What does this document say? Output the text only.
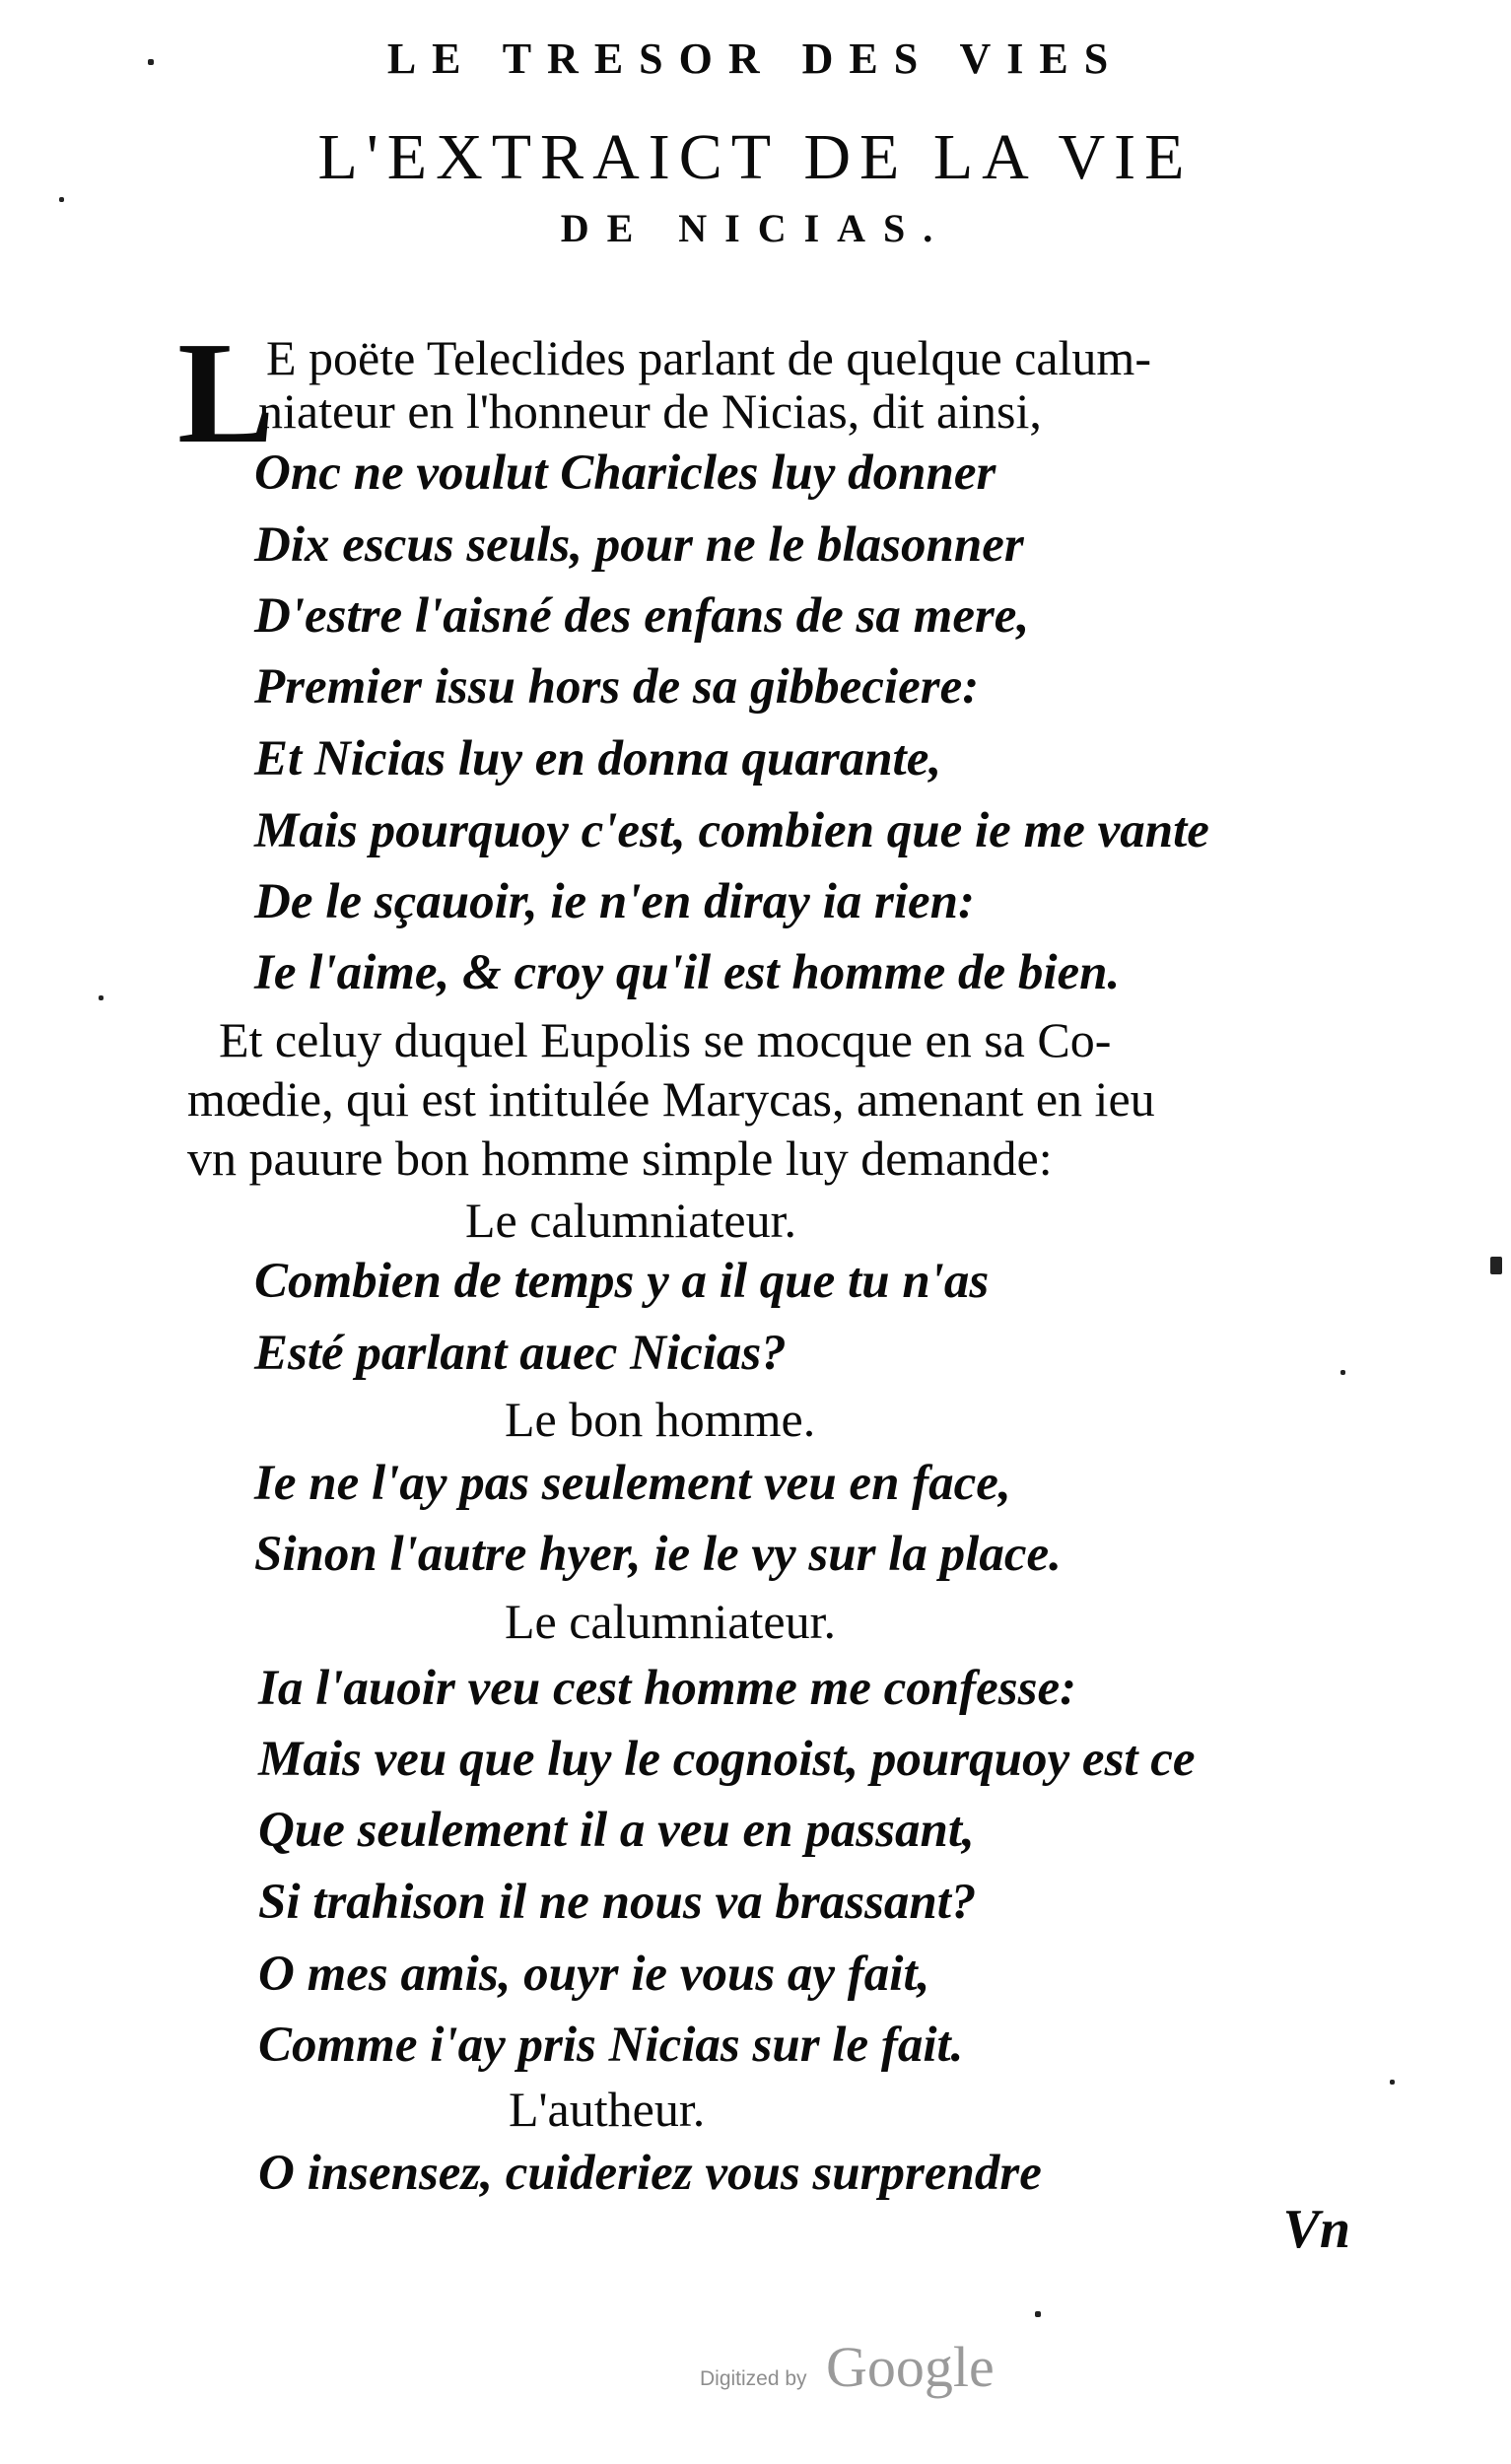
LE TRESOR DES VIES
L'EXTRAICT DE LA VIE
DE NICIAS.
L
E poëte Teleclides parlant de quelque calum-
niateur en l'honneur de Nicias, dit ainsi,
Onc ne voulut Charicles luy donner
Dix escus seuls, pour ne le blasonner
D'estre l'aisné des enfans de sa mere,
Premier issu hors de sa gibbeciere:
Et Nicias luy en donna quarante,
Mais pourquoy c'est, combien que ie me vante
De le sçauoir, ie n'en diray ia rien:
Ie l'aime, & croy qu'il est homme de bien.
Et celuy duquel Eupolis se mocque en sa Co-
mœdie, qui est intitulée Marycas, amenant en ieu
vn pauure bon homme simple luy demande:
Le calumniateur.
Combien de temps y a il que tu n'as
Esté parlant auec Nicias?
Le bon homme.
Ie ne l'ay pas seulement veu en face,
Sinon l'autre hyer, ie le vy sur la place.
Le calumniateur.
Ia l'auoir veu cest homme me confesse:
Mais veu que luy le cognoist, pourquoy est ce
Que seulement il a veu en passant,
Si trahison il ne nous va brassant?
O mes amis, ouyr ie vous ay fait,
Comme i'ay pris Nicias sur le fait.
L'autheur.
O insensez, cuideriez vous surprendre
Vn
Digitized by Google
